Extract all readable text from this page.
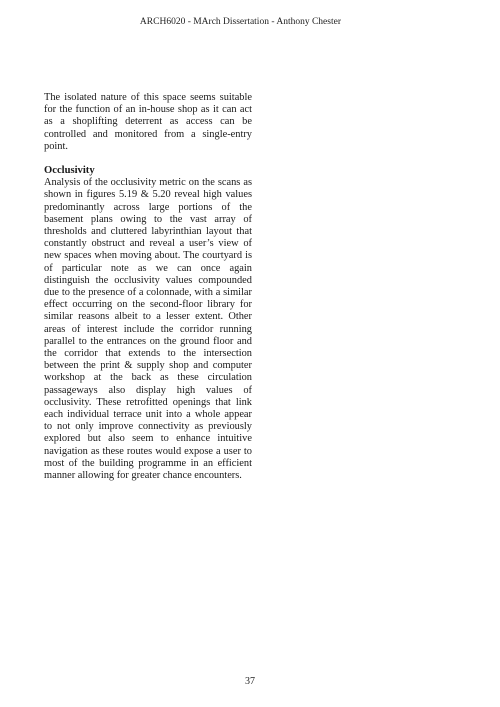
ARCH6020 - MArch Dissertation - Anthony Chester

The isolated nature of this space seems suitable for the function of an in-house shop as it can act as a shoplifting deterrent as access can be controlled and monitored from a single-entry point.

Occlusivity

Analysis of the occlusivity metric on the scans as shown in figures 5.19 & 5.20 reveal high values predominantly across large portions of the basement plans owing to the vast array of thresholds and cluttered labyrinthian layout that constantly obstruct and reveal a user’s view of new spaces when moving about. The courtyard is of particular note as we can once again distinguish the occlusivity values compounded due to the presence of a colonnade, with a similar effect occurring on the second-floor library for similar reasons albeit to a lesser extent. Other areas of interest include the corridor running parallel to the entrances on the ground floor and the corridor that extends to the intersection between the print & supply shop and computer workshop at the back as these circulation passageways also display high values of occlusivity. These retrofitted openings that link each individual terrace unit into a whole appear to not only improve connectivity as previously explored but also seem to enhance intuitive navigation as these routes would expose a user to most of the building programme in an efficient manner allowing for greater chance encounters.

37
